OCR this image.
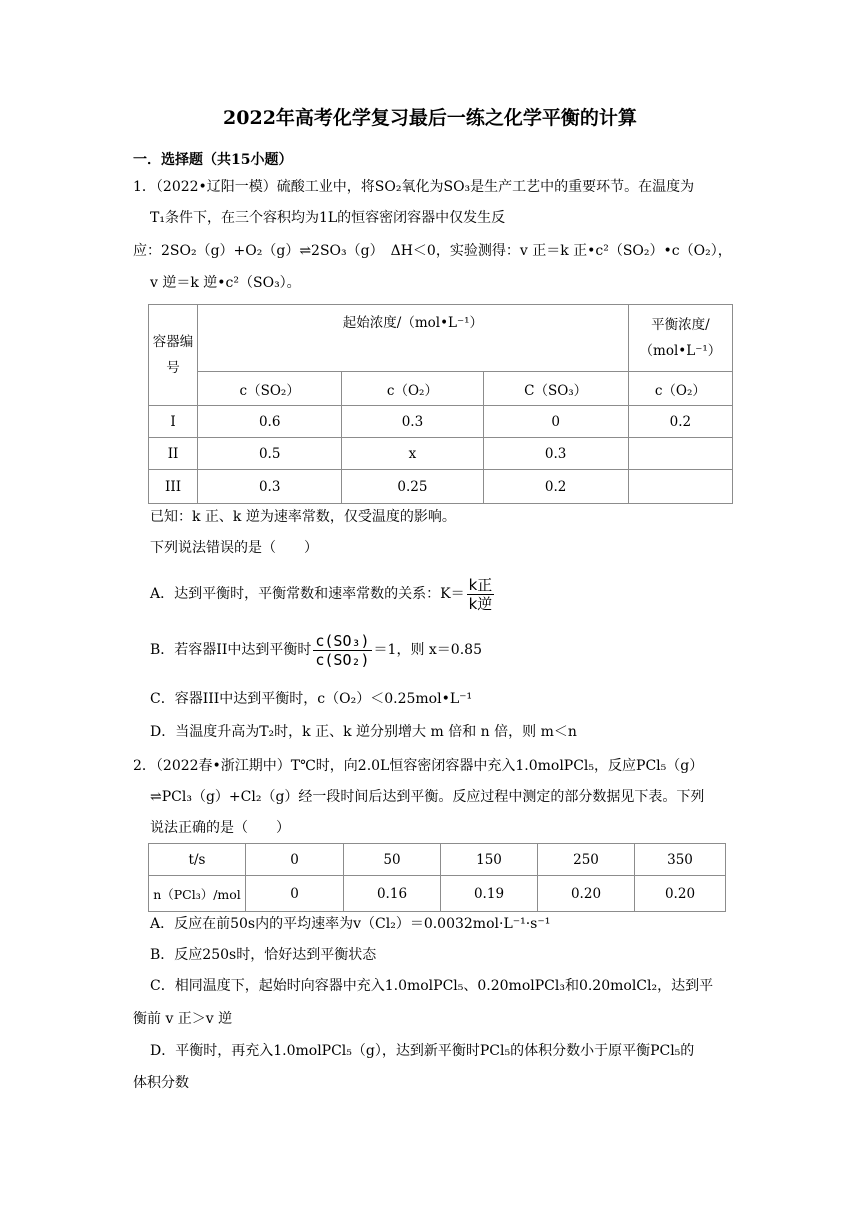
2022年高考化学复习最后一练之化学平衡的计算
一．选择题（共15小题）
1．（2022•辽阳一模）硫酸工业中，将SO₂氧化为SO₃是生产工艺中的重要环节。在温度为
T₁条件下，在三个容积均为1L的恒容密闭容器中仅发生反
应：2SO₂（g）+O₂（g）⇌2SO₃（g）　ΔH＜0，实验测得：v 正＝k 正•c²（SO₂）•c（O₂），
v 逆＝k 逆•c²（SO₃）。
容器编号	起始浓度/（mol•L⁻¹）			平衡浓度/（mol•L⁻¹）
	c（SO₂）	c（O₂）	C（SO₃）	c（O₂）
I	0.6	0.3	0	0.2
II	0.5	x	0.3	
III	0.3	0.25	0.2	
已知：k 正、k 逆为速率常数，仅受温度的影响。
下列说法错误的是（　　）
A．达到平衡时，平衡常数和速率常数的关系：$K= \frac{\text{k正}}{\text{k逆}}$
B．若容器II中达到平衡时 $\frac{\text{c(SO₃)}}{\text{c(SO₂)}} =1$，则 x＝0.85
C．容器III中达到平衡时，c（O₂）＜0.25mol•L⁻¹
D．当温度升高为T₂时，k 正、k 逆分别增大 m 倍和 n 倍，则 m＜n
2．（2022春•浙江期中）T℃时，向2.0L恒容密闭容器中充入1.0molPCl₅，反应PCl₅（g）
⇌PCl₃（g）+Cl₂（g）经一段时间后达到平衡。反应过程中测定的部分数据见下表。下列
说法正确的是（　　）
t/s	0	50	150	250	350
n（PCl₃）/mol	0	0.16	0.19	0.20	0.20
A．反应在前50s内的平均速率为v（Cl₂）＝0.0032mol·L⁻¹·s⁻¹
B．反应250s时，恰好达到平衡状态
C．相同温度下，起始时向容器中充入1.0molPCl₅、0.20molPCl₃和0.20molCl₂，达到平
衡前 v 正＞v 逆
D．平衡时，再充入1.0molPCl₅（g），达到新平衡时PCl₅的体积分数小于原平衡PCl₅的
体积分数
